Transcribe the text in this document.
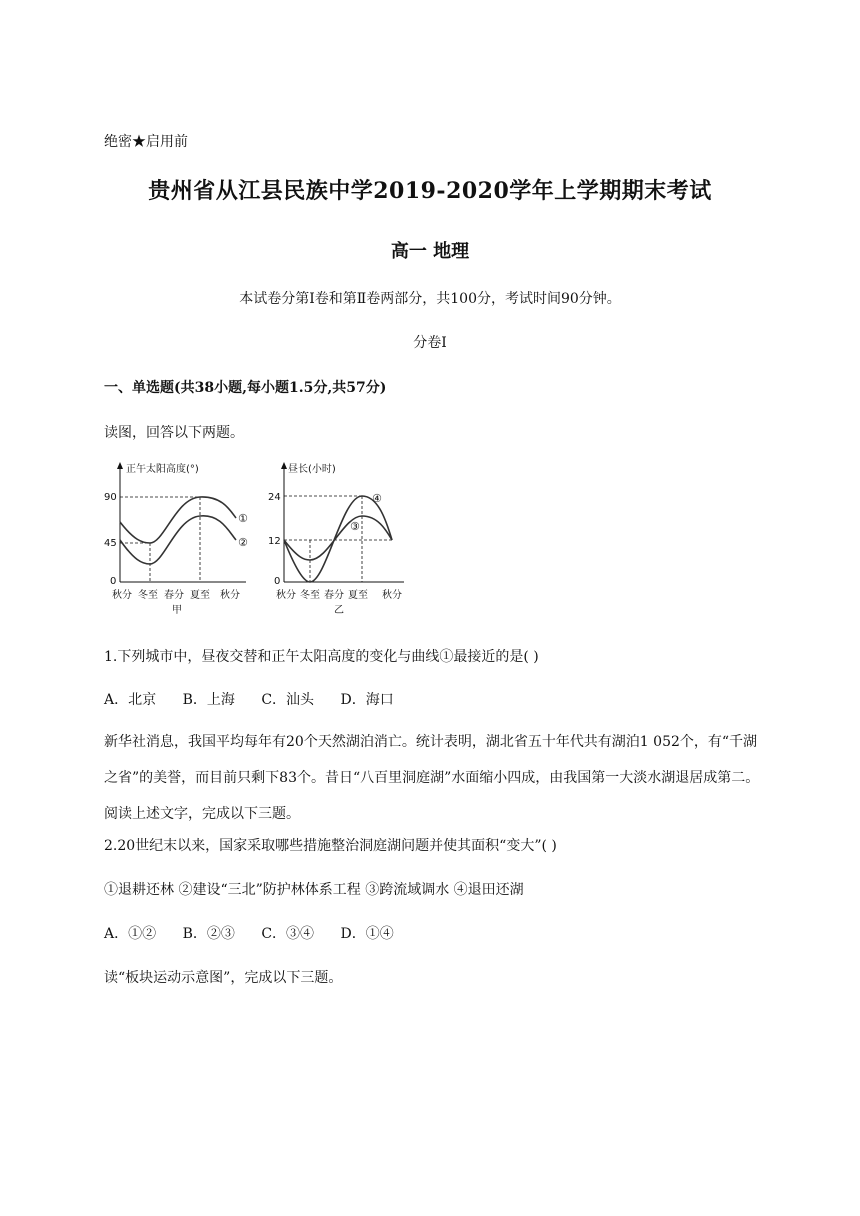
绝密★启用前
贵州省从江县民族中学2019-2020学年上学期期末考试
高一 地理
本试卷分第Ⅰ卷和第Ⅱ卷两部分，共100分，考试时间90分钟。
分卷I
一、单选题(共38小题,每小题1.5分,共57分)
读图，回答以下两题。
正午太阳高度(°)
90
45
0
①
②
秋分 冬至 春分 夏至 秋分
甲
昼长(小时)
24
12
0
④
③
秋分 冬至 春分 夏至 秋分
乙
1.下列城市中，昼夜交替和正午太阳高度的变化与曲线①最接近的是( )
A．北京 B．上海 C．汕头 D．海口
新华社消息，我国平均每年有20个天然湖泊消亡。统计表明，湖北省五十年代共有湖泊1 052个，有“千湖之省”的美誉，而目前只剩下83个。昔日“八百里洞庭湖”水面缩小四成，由我国第一大淡水湖退居成第二。阅读上述文字，完成以下三题。
2.20世纪末以来，国家采取哪些措施整治洞庭湖问题并使其面积“变大”( )
①退耕还林 ②建设“三北”防护林体系工程 ③跨流域调水 ④退田还湖
A．①② B．②③ C．③④ D．①④
读“板块运动示意图”，完成以下三题。
